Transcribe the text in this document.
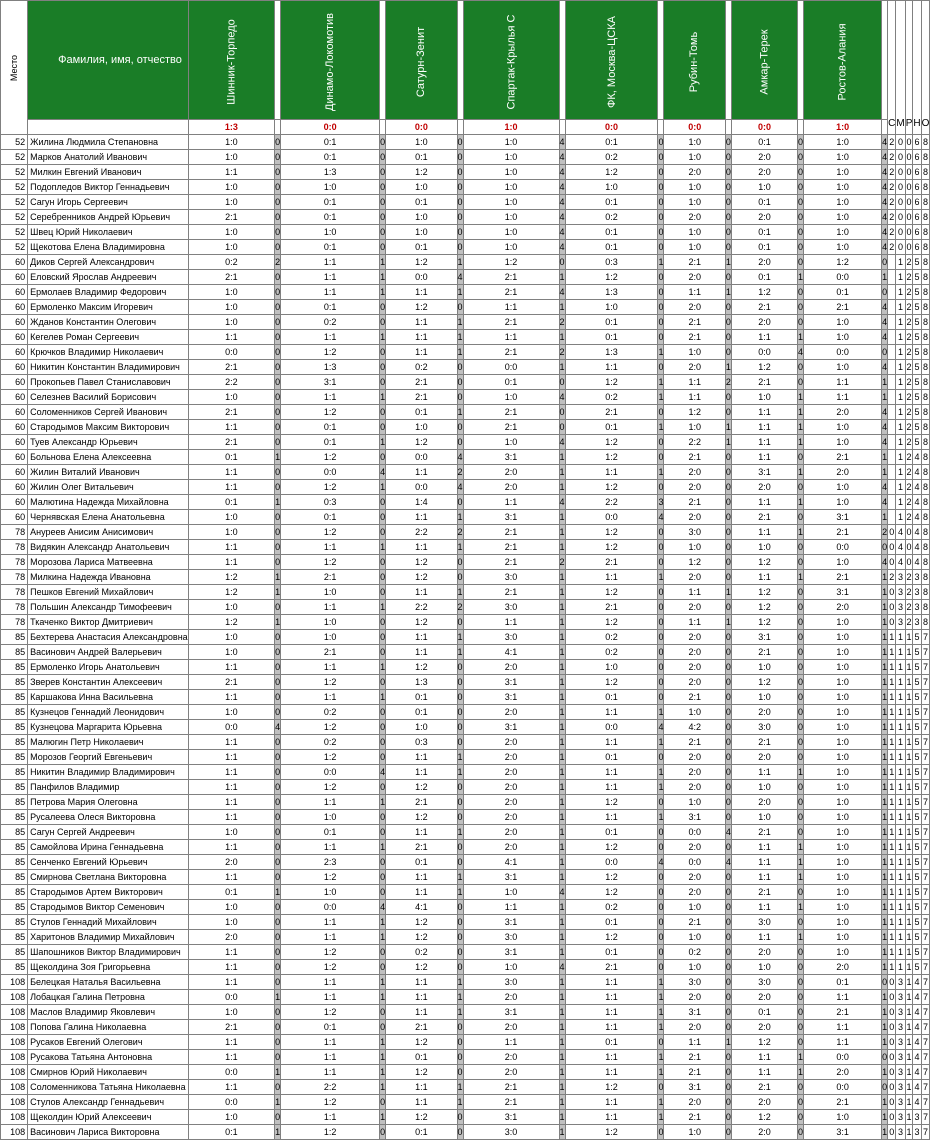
Место	Фамилия, имя, отчество	Шинник-Торпедо		Динамо-Локомотив		Сатурн-Зенит		Спартак-Крылья С		ФК, Москва-ЦСКА		Рубин-Томь		Амкар-Терек		Ростов-Алания		С	М	Р	Н	О
		1:3		0:0		0:0		1:0		0:0		0:0		0:0		1:0						
52	Жилина Людмила Степановна	1:0	0	0:1	0	1:0	0	1:0	4	0:1	0	1:0	0	0:1	0	1:0	4	2	0	0	6	8
52	Марков Анатолий Иванович	1:0	0	0:1	0	0:1	0	1:0	4	0:2	0	1:0	0	2:0	0	1:0	4	2	0	0	6	8
52	Милкин Евгений Иванович	1:1	0	1:3	0	1:2	0	1:0	4	1:2	0	2:0	0	2:0	0	1:0	4	2	0	0	6	8
52	Подопледов Виктор Геннадьевич	1:0	0	1:0	0	1:0	0	1:0	4	1:0	0	1:0	0	1:0	0	1:0	4	2	0	0	6	8
52	Сагун Игорь Сергеевич	1:0	0	0:1	0	0:1	0	1:0	4	0:1	0	1:0	0	0:1	0	1:0	4	2	0	0	6	8
52	Серебренников Андрей Юрьевич	2:1	0	0:1	0	1:0	0	1:0	4	0:2	0	2:0	0	2:0	0	1:0	4	2	0	0	6	8
52	Швец Юрий Николаевич	1:0	0	1:0	0	1:0	0	1:0	4	0:1	0	1:0	0	0:1	0	1:0	4	2	0	0	6	8
52	Щекотова Елена Владимировна	1:0	0	0:1	0	0:1	0	1:0	4	0:1	0	1:0	0	0:1	0	1:0	4	2	0	0	6	8
60	Диков Сергей Александрович	0:2	2	1:1	1	1:2	1	1:2	0	0:3	1	2:1	1	2:0	0	1:2	0		1	2	5	8
60	Еловский Ярослав Андреевич	2:1	0	1:1	1	0:0	4	2:1	1	1:2	0	2:0	0	0:1	1	0:0	1		1	2	5	8
60	Ермолаев Владимир Федорович	1:0	0	1:1	1	1:1	1	2:1	4	1:3	0	1:1	1	1:2	0	0:1	0		1	2	5	8
60	Ермоленко Максим Игоревич	1:0	0	0:1	0	1:2	0	1:1	1	1:0	0	2:0	0	2:1	0	2:1	4		1	2	5	8
60	Жданов Константин Олегович	1:0	0	0:2	0	1:1	1	2:1	2	0:1	0	2:1	0	2:0	0	1:0	4		1	2	5	8
60	Кегелев Роман Сергеевич	1:1	0	1:1	1	1:1	1	1:1	1	0:1	0	2:1	0	1:1	1	1:0	4		1	2	5	8
60	Крючков Владимир Николаевич	0:0	0	1:2	0	1:1	1	2:1	2	1:3	1	1:0	0	0:0	4	0:0	0		1	2	5	8
60	Никитин Константин Владимирович	2:1	0	1:3	0	0:2	0	0:0	1	1:1	0	2:0	1	1:2	0	1:0	4		1	2	5	8
60	Прокопьев Павел Станиславович	2:2	0	3:1	0	2:1	0	0:1	0	1:2	1	1:1	2	2:1	0	1:1	1		1	2	5	8
60	Селезнев Василий Борисович	1:0	0	1:1	1	2:1	0	1:0	4	0:2	1	1:1	0	1:0	1	1:1	1		1	2	5	8
60	Соломенников Сергей Иванович	2:1	0	1:2	0	0:1	1	2:1	0	2:1	0	1:2	0	1:1	1	2:0	4		1	2	5	8
60	Стародымов Максим Викторович	1:1	0	0:1	0	1:0	0	2:1	0	0:1	1	1:0	1	1:1	1	1:0	4		1	2	5	8
60	Туев Александр Юрьевич	2:1	0	0:1	1	1:2	0	1:0	4	1:2	0	2:2	1	1:1	1	1:0	4		1	2	5	8
60	Больнова Елена Алексеевна	0:1	1	1:2	0	0:0	4	3:1	1	1:2	0	2:1	0	1:1	0	2:1	1		1	2	4	8
60	Жилин Виталий Иванович	1:1	0	0:0	4	1:1	2	2:0	1	1:1	1	2:0	0	3:1	1	2:0	1		1	2	4	8
60	Жилин Олег Витальевич	1:1	0	1:2	1	0:0	4	2:0	1	1:2	0	2:0	0	2:0	0	1:0	4		1	2	4	8
60	Малютина Надежда Михайловна	0:1	1	0:3	0	1:4	0	1:1	4	2:2	3	2:1	0	1:1	1	1:0	4		1	2	4	8
60	Чернявская Елена Анатольевна	1:0	0	0:1	0	1:1	1	3:1	1	0:0	4	2:0	0	2:1	0	3:1	1		1	2	4	8
78	Ануреев Анисим Анисимович	1:0	0	1:2	0	2:2	2	2:1	1	1:2	0	3:0	0	1:1	1	2:1	2	0	4	0	4	8
78	Видякин Александр Анатольевич	1:1	0	1:1	1	1:1	1	2:1	1	1:2	0	1:0	0	1:0	0	0:0	0	0	4	0	4	8
78	Морозова Лариса Матвеевна	1:1	0	1:2	0	1:2	0	2:1	2	2:1	0	1:2	0	1:2	0	1:0	4	0	4	0	4	8
78	Милкина Надежда Ивановна	1:2	1	2:1	0	1:2	0	3:0	1	1:1	1	2:0	0	1:1	1	2:1	1	2	3	2	3	8
78	Пешков Евгений Михайлович	1:2	1	1:0	0	1:1	1	2:1	1	1:2	0	1:1	1	1:2	0	3:1	1	0	3	2	3	8
78	Польшин Александр Тимофеевич	1:0	0	1:1	1	2:2	2	3:0	1	2:1	0	2:0	0	1:2	0	2:0	1	0	3	2	3	8
78	Ткаченко Виктор Дмитриевич	1:2	1	1:0	0	1:2	0	1:1	1	1:2	0	1:1	1	1:2	0	1:0	1	0	3	2	3	8
85	Бехтерева Анастасия Александровна	1:0	0	1:0	0	1:1	1	3:0	1	0:2	0	2:0	0	3:1	0	1:0	1	1	1	1	5	7
85	Васинович Андрей Валерьевич	1:0	0	2:1	0	1:1	1	4:1	1	0:2	0	2:0	0	2:1	0	1:0	1	1	1	1	5	7
85	Ермоленко Игорь Анатольевич	1:1	0	1:1	1	1:2	0	2:0	1	1:0	0	2:0	0	1:0	0	1:0	1	1	1	1	5	7
85	Зверев Константин Алексеевич	2:1	0	1:2	0	1:3	0	3:1	1	1:2	0	2:0	0	1:2	0	1:0	1	1	1	1	5	7
85	Каршакова Инна Васильевна	1:1	0	1:1	1	0:1	0	3:1	1	0:1	0	2:1	0	1:0	0	1:0	1	1	1	1	5	7
85	Кузнецов Геннадий Леонидович	1:0	0	0:2	0	0:1	0	2:0	1	1:1	1	1:0	0	2:0	0	1:0	1	1	1	1	5	7
85	Кузнецова Маргарита Юрьевна	0:0	4	1:2	0	1:0	0	3:1	1	0:0	4	4:2	0	3:0	0	1:0	1	1	1	1	5	7
85	Малюгин Петр Николаевич	1:1	0	0:2	0	0:3	0	2:0	1	1:1	1	2:1	0	2:1	0	1:0	1	1	1	1	5	7
85	Морозов Георгий Евгеньевич	1:1	0	1:2	0	1:1	1	2:0	1	0:1	0	2:0	0	2:0	0	1:0	1	1	1	1	5	7
85	Никитин Владимир Владимирович	1:1	0	0:0	4	1:1	1	2:0	1	1:1	1	2:0	0	1:1	1	1:0	1	1	1	1	5	7
85	Панфилов Владимир	1:1	0	1:2	0	1:2	0	2:0	1	1:1	1	2:0	0	1:0	0	1:0	1	1	1	1	5	7
85	Петрова Мария Олеговна	1:1	0	1:1	1	2:1	0	2:0	1	1:2	0	1:0	0	2:0	0	1:0	1	1	1	1	5	7
85	Русалеева Олеся Викторовна	1:1	0	1:0	0	1:2	0	2:0	1	1:1	1	3:1	0	1:0	0	1:0	1	1	1	1	5	7
85	Сагун Сергей Андреевич	1:0	0	0:1	0	1:1	1	2:0	1	0:1	0	0:0	4	2:1	0	1:0	1	1	1	1	5	7
85	Самойлова Ирина Геннадьевна	1:1	0	1:1	1	2:1	0	2:0	1	1:2	0	2:0	0	1:1	1	1:0	1	1	1	1	5	7
85	Сенченко Евгений Юрьевич	2:0	0	2:3	0	0:1	0	4:1	1	0:0	4	0:0	4	1:1	1	1:0	1	1	1	1	5	7
85	Смирнова Светлана Викторовна	1:1	0	1:2	0	1:1	1	3:1	1	1:2	0	2:0	0	1:1	1	1:0	1	1	1	1	5	7
85	Стародымов Артем Викторович	0:1	1	1:0	0	1:1	1	1:0	4	1:2	0	2:0	0	2:1	0	1:0	1	1	1	1	5	7
85	Стародымов Виктор Семенович	1:0	0	0:0	4	4:1	0	1:1	1	0:2	0	1:0	0	1:1	1	1:0	1	1	1	1	5	7
85	Стулов Геннадий Михайлович	1:0	0	1:1	1	1:2	0	3:1	1	0:1	0	2:1	0	3:0	0	1:0	1	1	1	1	5	7
85	Харитонов Владимир Михайлович	2:0	0	1:1	1	1:2	0	3:0	1	1:2	0	1:0	0	1:1	1	1:0	1	1	1	1	5	7
85	Шапошников Виктор Владимирович	1:1	0	1:2	0	0:2	0	3:1	1	0:1	0	0:2	0	2:0	0	1:0	1	1	1	1	5	7
85	Щеколдина Зоя Григорьевна	1:1	0	1:2	0	1:2	0	1:0	4	2:1	0	1:0	0	1:0	0	2:0	1	1	1	1	5	7
108	Белецкая Наталья Васильевна	1:1	0	1:1	1	1:1	1	3:0	1	1:1	1	3:0	0	3:0	0	0:1	0	0	3	1	4	7
108	Лобацкая Галина Петровна	0:0	1	1:1	1	1:1	1	2:0	1	1:1	1	2:0	0	2:0	0	1:1	1	0	3	1	4	7
108	Маслов Владимир Яковлевич	1:0	0	1:2	0	1:1	1	3:1	1	1:1	1	3:1	0	0:1	0	2:1	1	0	3	1	4	7
108	Попова Галина Николаевна	2:1	0	0:1	0	2:1	0	2:0	1	1:1	1	2:0	0	2:0	0	1:1	1	0	3	1	4	7
108	Русаков Евгений Олегович	1:1	0	1:1	1	1:2	0	1:1	1	0:1	0	1:1	1	1:2	0	1:1	1	0	3	1	4	7
108	Русакова Татьяна Антоновна	1:1	0	1:1	1	0:1	0	2:0	1	1:1	1	2:1	0	1:1	1	0:0	0	0	3	1	4	7
108	Смирнов Юрий Николаевич	0:0	1	1:1	1	1:2	0	2:0	1	1:1	1	2:1	0	1:1	1	2:0	1	0	3	1	4	7
108	Соломенникова Татьяна Николаевна	1:1	0	2:2	1	1:1	1	2:1	1	1:2	0	3:1	0	2:1	0	0:0	0	0	3	1	4	7
108	Стулов Александр Геннадьевич	0:0	1	1:2	0	1:1	1	2:1	1	1:1	1	2:0	0	2:0	0	2:1	1	0	3	1	4	7
108	Щеколдин Юрий Алексеевич	1:0	0	1:1	1	1:2	0	3:1	1	1:1	1	2:1	0	1:2	0	1:0	1	0	3	1	3	7
108	Васинович Лариса Викторовна	0:1	1	1:2	0	0:1	0	3:0	1	1:2	0	1:0	0	2:0	0	3:1	1	0	3	1	3	7
